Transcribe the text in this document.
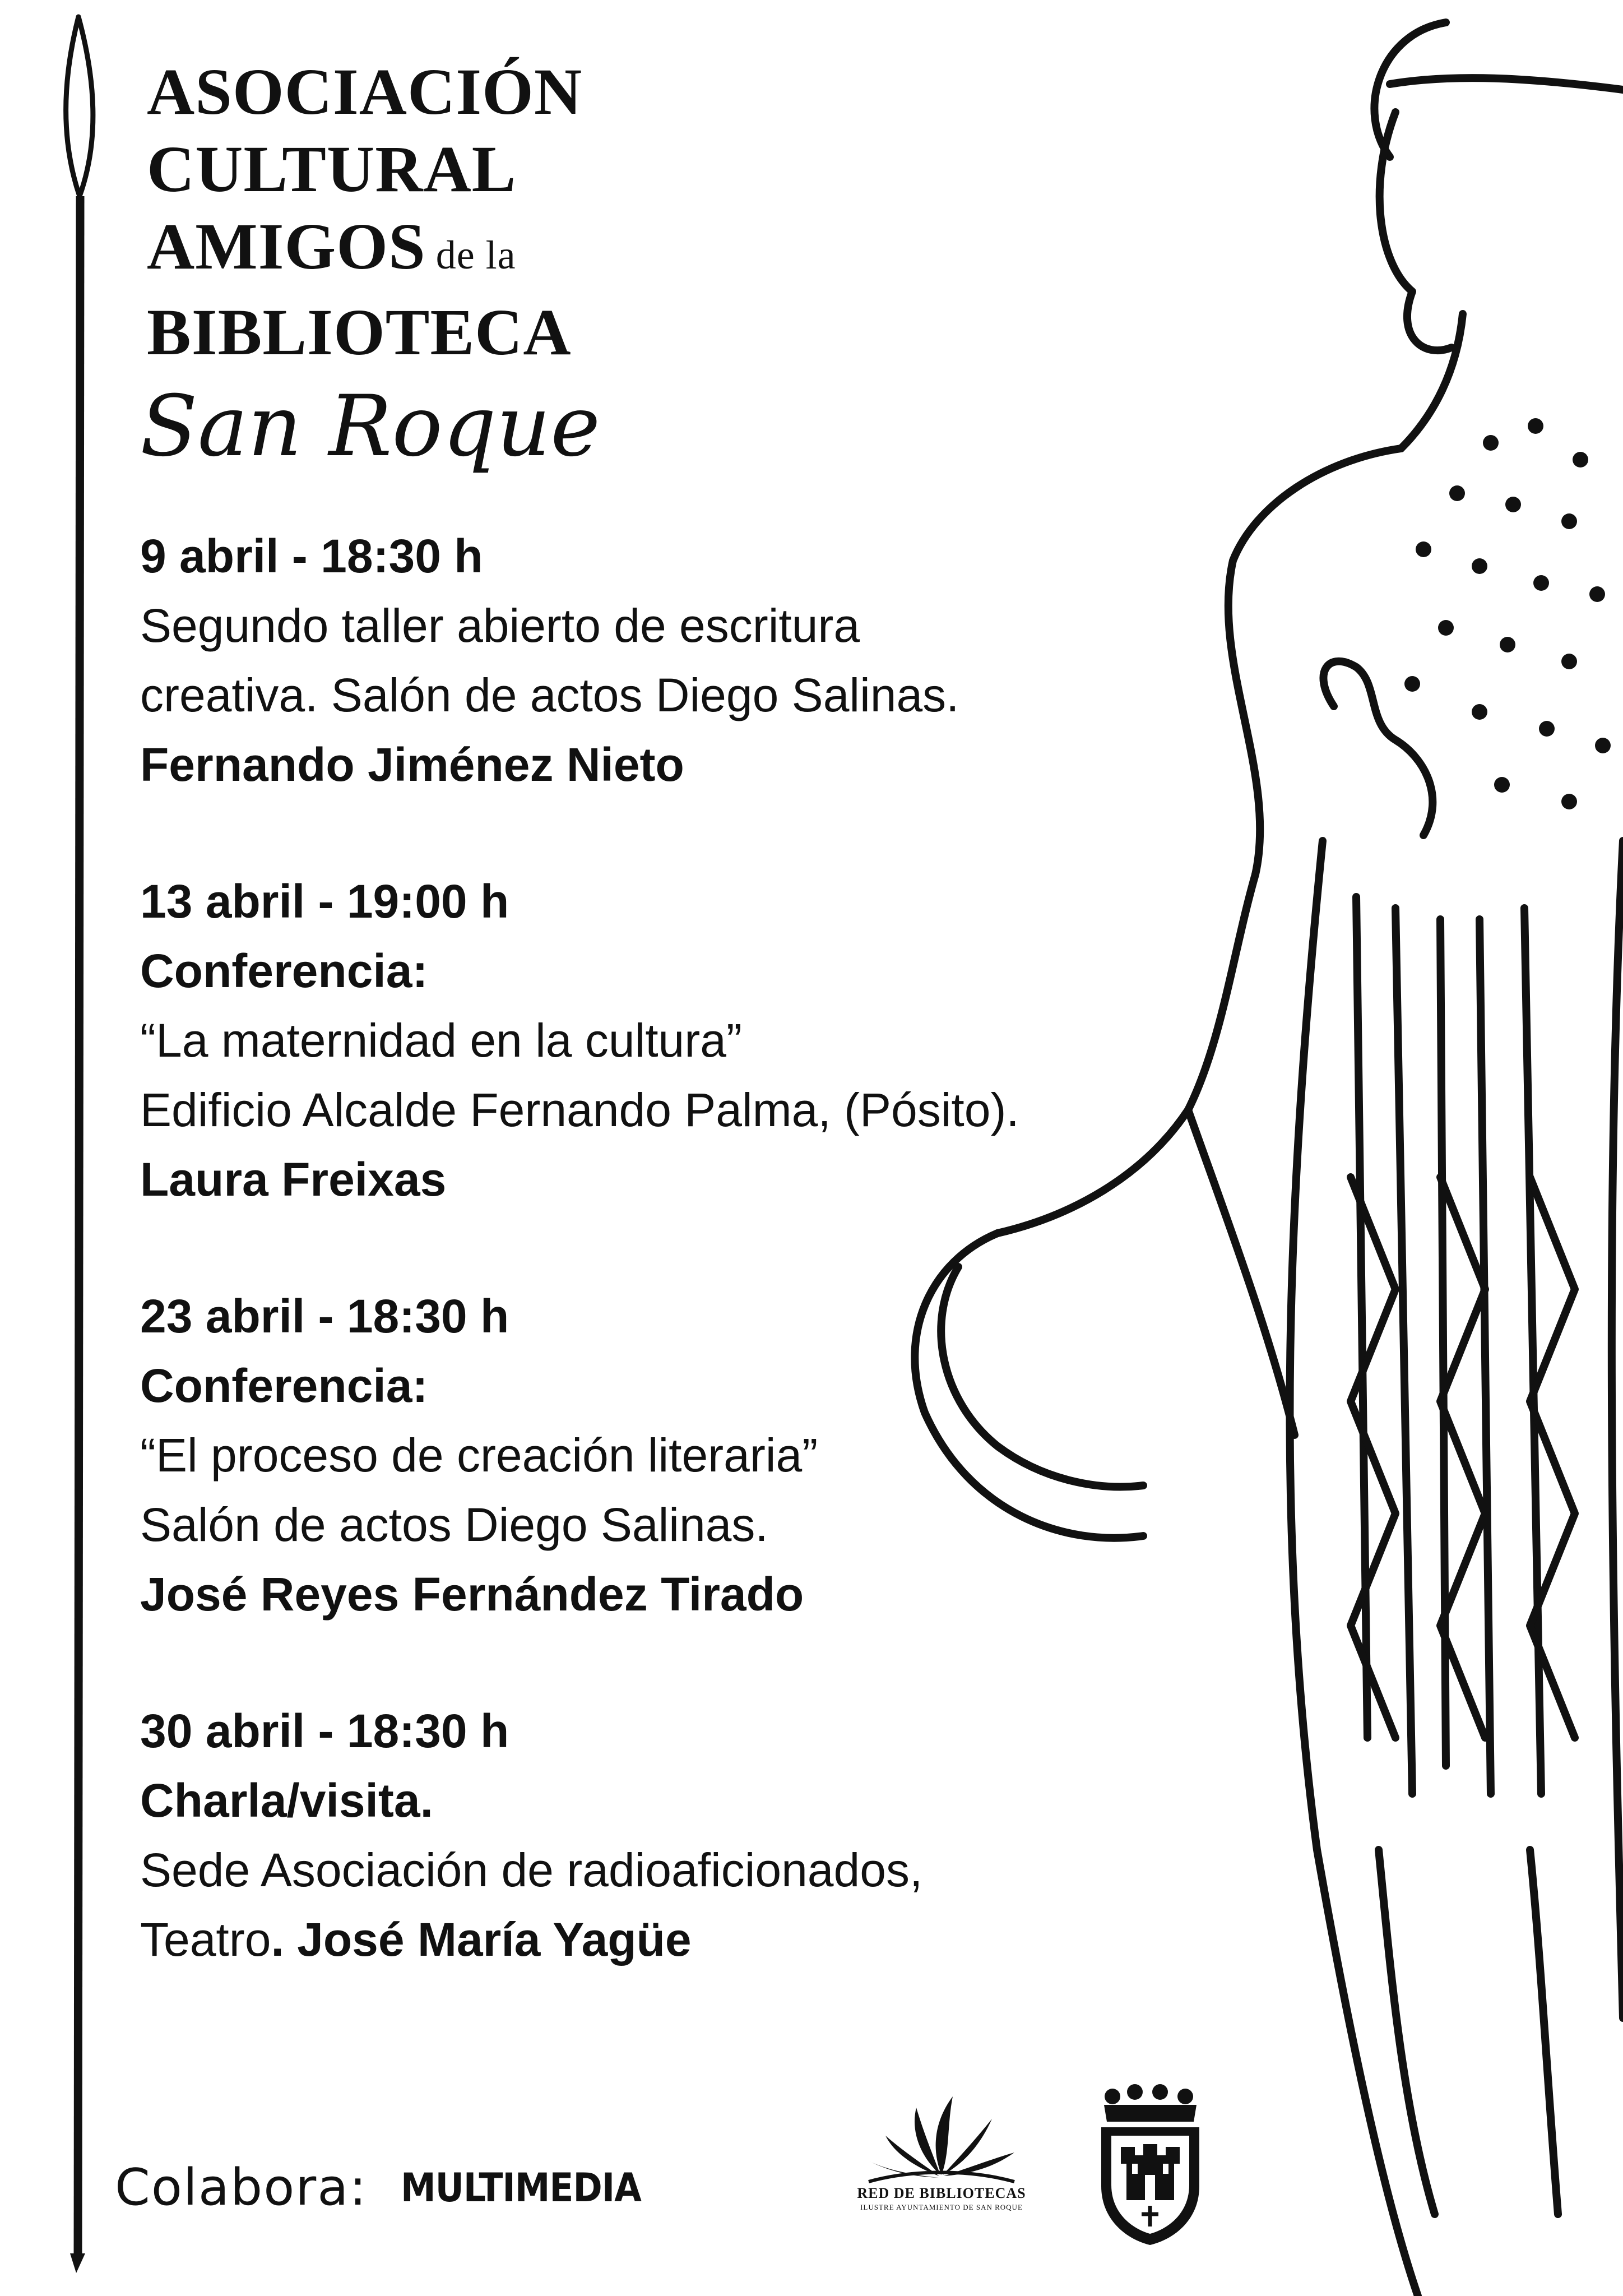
ASOCIACIÓN
CULTURAL
AMIGOS de la
BIBLIOTECA
San Roque
9 abril - 18:30 h
Segundo taller abierto de escritura
creativa. Salón de actos Diego Salinas.
Fernando Jiménez Nieto
13 abril - 19:00 h
Conferencia:
“La maternidad en la cultura”
Edificio Alcalde Fernando Palma, (Pósito).
Laura Freixas
23 abril - 18:30 h
Conferencia:
“El proceso de creación literaria”
Salón de actos Diego Salinas.
José Reyes Fernández Tirado
30 abril - 18:30 h
Charla/visita.
Sede Asociación de radioaficionados,
Teatro. José María Yagüe
Colabora: MULTIMEDIA	RED DE BIBLIOTECAS
ILUSTRE AYUNTAMIENTO DE SAN ROQUE
